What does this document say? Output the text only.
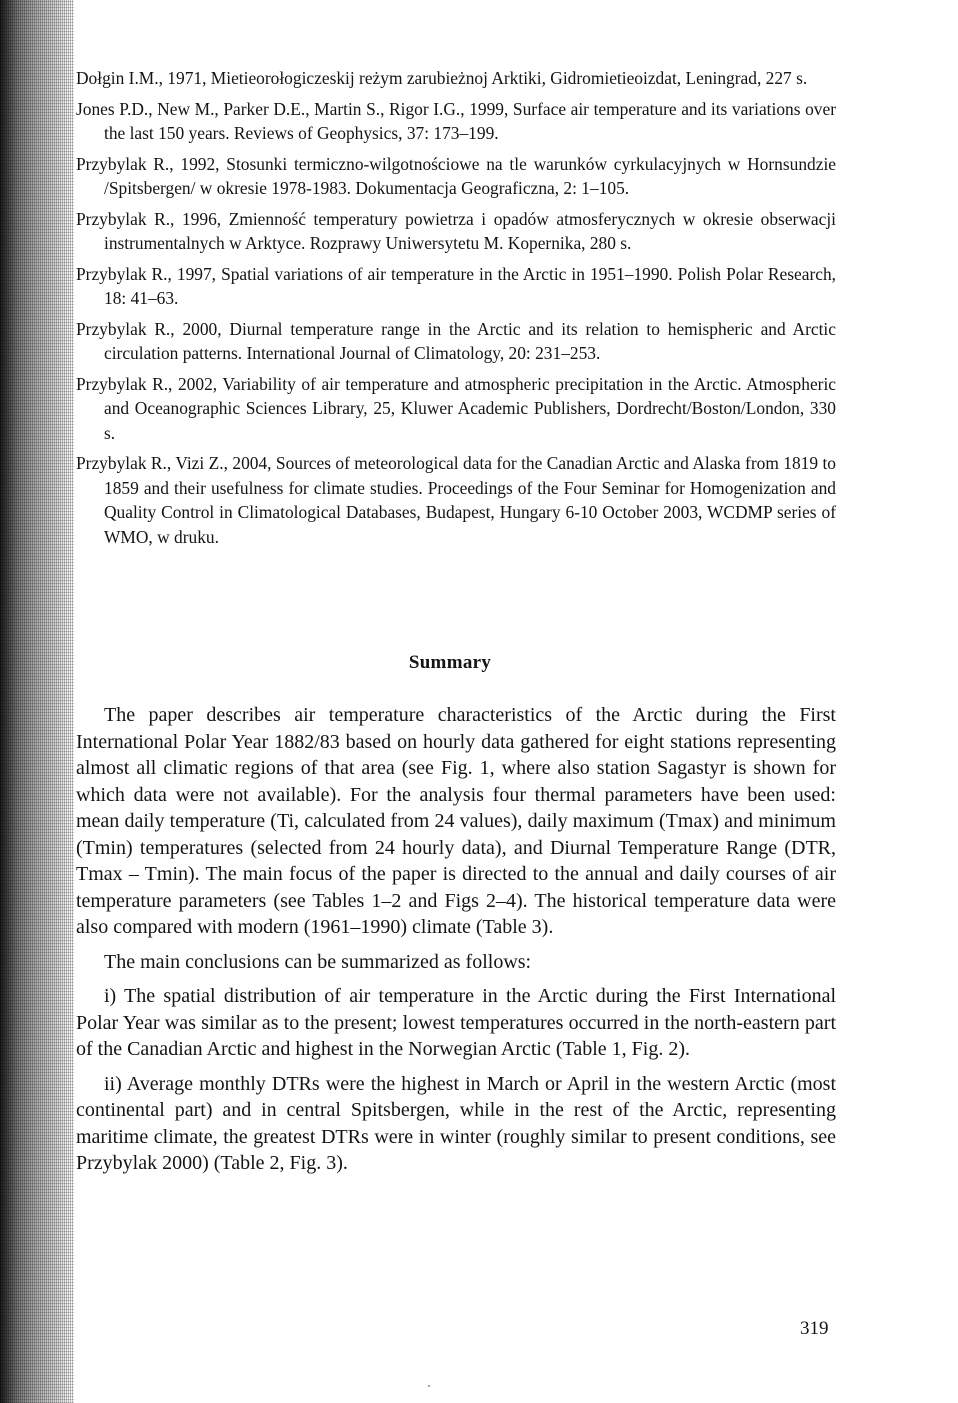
Dołgin I.M., 1971, Mietieorołogiczeskij reżym zarubieżnoj Arktiki, Gidromietieoizdat, Leningrad, 227 s.

Jones P.D., New M., Parker D.E., Martin S., Rigor I.G., 1999, Surface air temperature and its variations over the last 150 years. Reviews of Geophysics, 37: 173–199.

Przybylak R., 1992, Stosunki termiczno-wilgotnościowe na tle warunków cyrkulacyjnych w Hornsundzie /Spitsbergen/ w okresie 1978-1983. Dokumentacja Geograficzna, 2: 1–105.

Przybylak R., 1996, Zmienność temperatury powietrza i opadów atmosferycznych w okresie obserwacji instrumentalnych w Arktyce. Rozprawy Uniwersytetu M. Kopernika, 280 s.

Przybylak R., 1997, Spatial variations of air temperature in the Arctic in 1951–1990. Polish Polar Research, 18: 41–63.

Przybylak R., 2000, Diurnal temperature range in the Arctic and its relation to hemispheric and Arctic circulation patterns. International Journal of Climatology, 20: 231–253.

Przybylak R., 2002, Variability of air temperature and atmospheric precipitation in the Arctic. Atmospheric and Oceanographic Sciences Library, 25, Kluwer Academic Publishers, Dordrecht/Boston/London, 330 s.

Przybylak R., Vizi Z., 2004, Sources of meteorological data for the Canadian Arctic and Alaska from 1819 to 1859 and their usefulness for climate studies. Proceedings of the Four Seminar for Homogenization and Quality Control in Climatological Databases, Budapest, Hungary 6-10 October 2003, WCDMP series of WMO, w druku.

Summary

The paper describes air temperature characteristics of the Arctic during the First International Polar Year 1882/83 based on hourly data gathered for eight stations representing almost all climatic regions of that area (see Fig. 1, where also station Sagastyr is shown for which data were not available). For the analysis four thermal parameters have been used: mean daily temperature (Ti, calculated from 24 values), daily maximum (Tmax) and minimum (Tmin) temperatures (selected from 24 hourly data), and Diurnal Temperature Range (DTR, Tmax – Tmin). The main focus of the paper is directed to the annual and daily courses of air temperature parameters (see Tables 1–2 and Figs 2–4). The historical temperature data were also compared with modern (1961–1990) climate (Table 3).

The main conclusions can be summarized as follows:

i) The spatial distribution of air temperature in the Arctic during the First International Polar Year was similar as to the present; lowest temperatures occurred in the north-eastern part of the Canadian Arctic and highest in the Norwegian Arctic (Table 1, Fig. 2).

ii) Average monthly DTRs were the highest in March or April in the western Arctic (most continental part) and in central Spitsbergen, while in the rest of the Arctic, representing maritime climate, the greatest DTRs were in winter (roughly similar to present conditions, see Przybylak 2000) (Table 2, Fig. 3).

319
